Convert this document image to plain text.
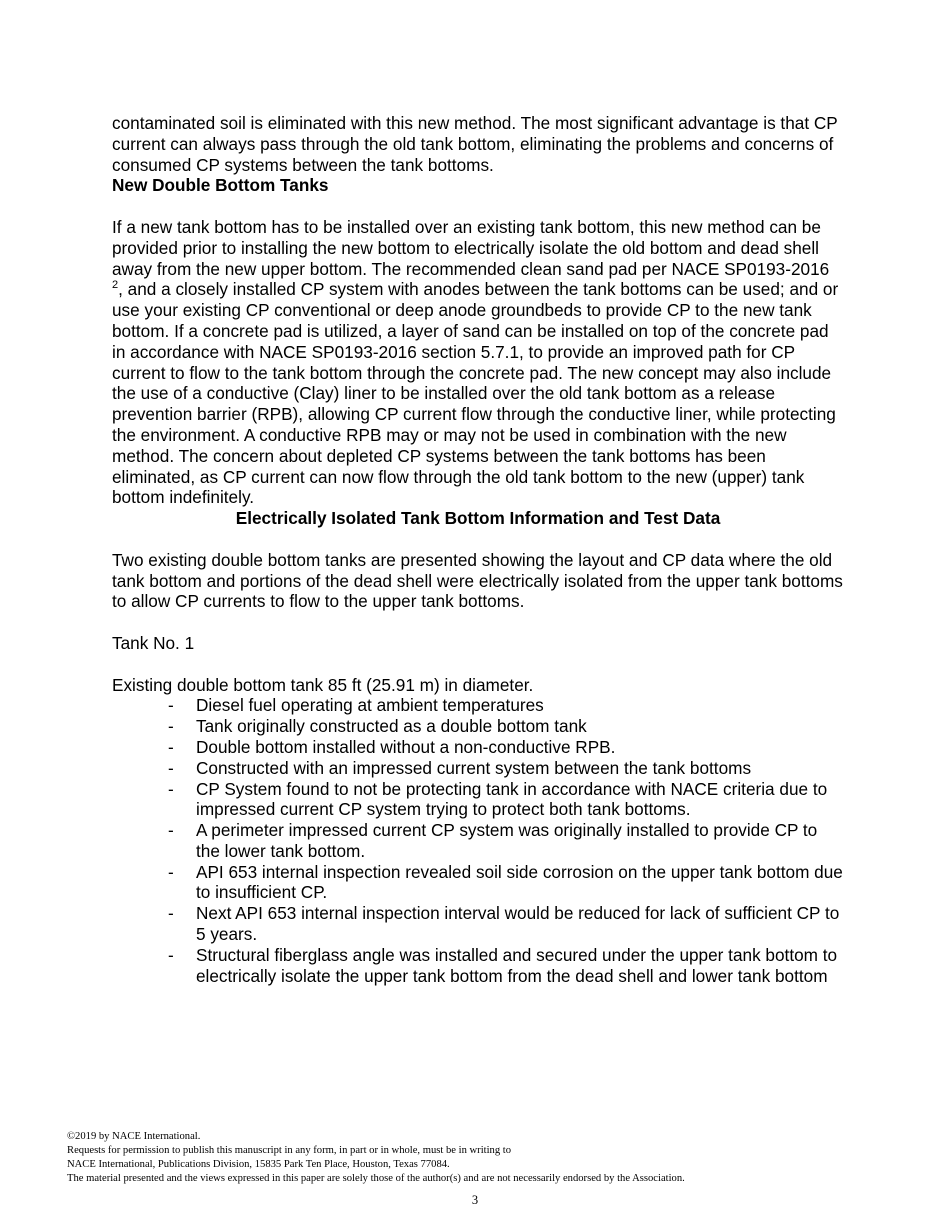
contaminated soil is eliminated with this new method. The most significant advantage is that CP current can always pass through the old tank bottom, eliminating the problems and concerns of consumed CP systems between the tank bottoms.

New Double Bottom Tanks

If a new tank bottom has to be installed over an existing tank bottom, this new method can be provided prior to installing the new bottom to electrically isolate the old bottom and dead shell away from the new upper bottom. The recommended clean sand pad per NACE SP0193-2016 $^2$, and a closely installed CP system with anodes between the tank bottoms can be used; and or use your existing CP conventional or deep anode groundbeds to provide CP to the new tank bottom. If a concrete pad is utilized, a layer of sand can be installed on top of the concrete pad in accordance with NACE SP0193-2016 section 5.7.1, to provide an improved path for CP current to flow to the tank bottom through the concrete pad. The new concept may also include the use of a conductive (Clay) liner to be installed over the old tank bottom as a release prevention barrier (RPB), allowing CP current flow through the conductive liner, while protecting the environment. A conductive RPB may or may not be used in combination with the new method. The concern about depleted CP systems between the tank bottoms has been eliminated, as CP current can now flow through the old tank bottom to the new (upper) tank bottom indefinitely.

Electrically Isolated Tank Bottom Information and Test Data

Two existing double bottom tanks are presented showing the layout and CP data where the old tank bottom and portions of the dead shell were electrically isolated from the upper tank bottoms to allow CP currents to flow to the upper tank bottoms.

Tank No. 1

Existing double bottom tank 85 ft (25.91 m) in diameter.

- Diesel fuel operating at ambient temperatures
- Tank originally constructed as a double bottom tank
- Double bottom installed without a non-conductive RPB.
- Constructed with an impressed current system between the tank bottoms
- CP System found to not be protecting tank in accordance with NACE criteria due to impressed current CP system trying to protect both tank bottoms.
- A perimeter impressed current CP system was originally installed to provide CP to the lower tank bottom.
- API 653 internal inspection revealed soil side corrosion on the upper tank bottom due to insufficient CP.
- Next API 653 internal inspection interval would be reduced for lack of sufficient CP to 5 years.
- Structural fiberglass angle was installed and secured under the upper tank bottom to electrically isolate the upper tank bottom from the dead shell and lower tank bottom

©2019 by NACE International.

Requests for permission to publish this manuscript in any form, in part or in whole, must be in writing to

NACE International, Publications Division, 15835 Park Ten Place, Houston, Texas 77084.

The material presented and the views expressed in this paper are solely those of the author(s) and are not necessarily endorsed by the Association.

3
